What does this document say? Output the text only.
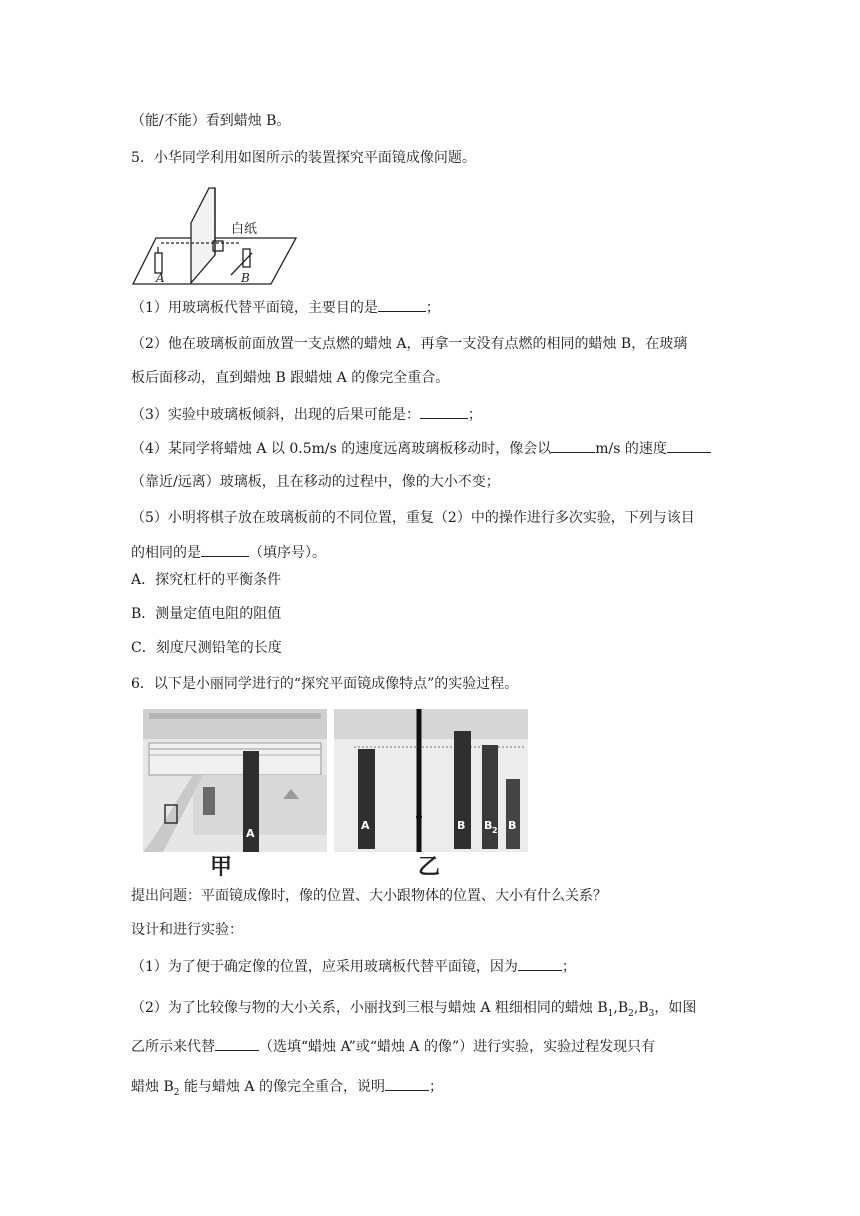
（能/不能）看到蜡烛 B。
5．小华同学利用如图所示的装置探究平面镜成像问题。
白纸
A	B
（1）用玻璃板代替平面镜，主要目的是	；
（2）他在玻璃板前面放置一支点燃的蜡烛 A，再拿一支没有点燃的相同的蜡烛 B，在玻璃
板后面移动，直到蜡烛 B 跟蜡烛 A 的像完全重合。
（3）实验中玻璃板倾斜，出现的后果可能是：	；
（4）某同学将蜡烛 A 以 0.5m/s 的速度远离玻璃板移动时，像会以	m/s 的速度
（靠近/远离）玻璃板，且在移动的过程中，像的大小不变；
（5）小明将棋子放在玻璃板前的不同位置，重复（2）中的操作进行多次实验，下列与该目
的相同的是	（填序号）。
A．探究杠杆的平衡条件
B．测量定值电阻的阻值
C．刻度尺测铅笔的长度
6．以下是小丽同学进行的“探究平面镜成像特点”的实验过程。
A
A	B B 2 B
甲	乙
提出问题：平面镜成像时，像的位置、大小跟物体的位置、大小有什么关系？
设计和进行实验：
（1）为了便于确定像的位置，应采用玻璃板代替平面镜，因为	；
（2）为了比较像与物的大小关系，小丽找到三根与蜡烛 A 粗细相同的蜡烛 $B_1,B_2,B_3$，如图
乙所示来代替	（选填“蜡烛 A”或“蜡烛 A 的像”）进行实验，实验过程发现只有
蜡烛 $B_2$ 能与蜡烛 A 的像完全重合，说明	；
